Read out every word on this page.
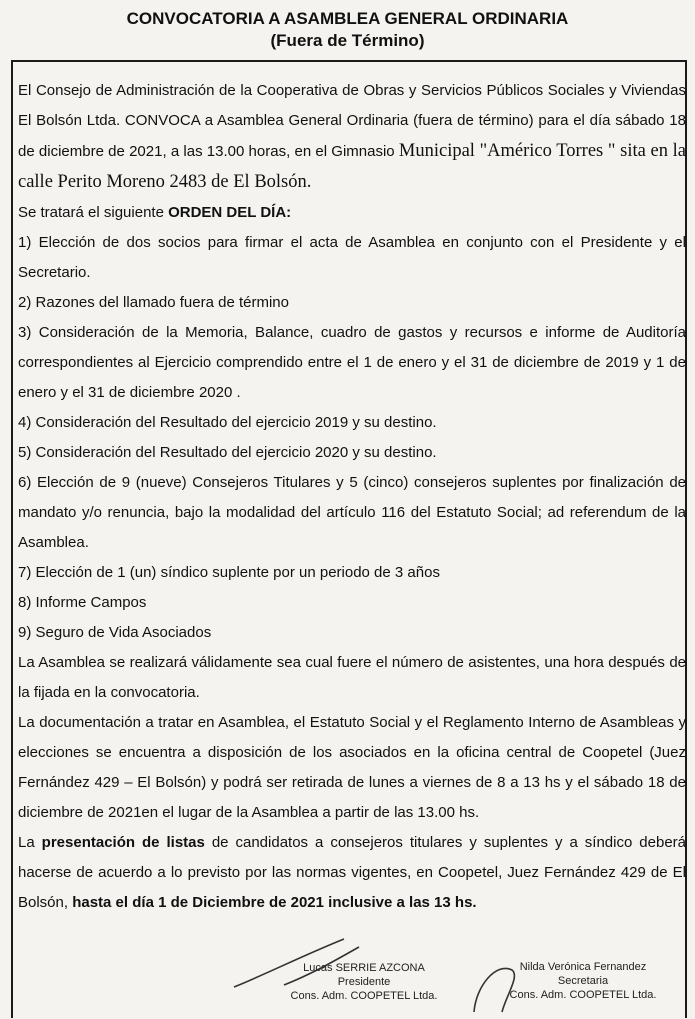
CONVOCATORIA A ASAMBLEA GENERAL ORDINARIA
(Fuera de Término)

El Consejo de Administración de la Cooperativa de Obras y Servicios Públicos Sociales y Viviendas El Bolsón Ltda. CONVOCA a Asamblea General Ordinaria (fuera de término) para el día sábado 18 de diciembre de 2021, a las 13.00 horas, en el Gimnasio Municipal "Américo Torres " sita en la calle Perito Moreno 2483 de El Bolsón.

Se tratará el siguiente ORDEN DEL DÍA:

1) Elección de dos socios para firmar el acta de Asamblea en conjunto con el Presidente y el Secretario.

2) Razones del llamado fuera de término

3) Consideración de la Memoria, Balance, cuadro de gastos y recursos e informe de Auditoría correspondientes al Ejercicio comprendido entre el 1 de enero y el 31 de diciembre de 2019 y 1 de enero y el 31 de diciembre 2020 .

4) Consideración del Resultado del ejercicio 2019 y su destino.

5) Consideración del Resultado del ejercicio 2020 y su destino.

6) Elección de 9 (nueve) Consejeros Titulares y 5 (cinco) consejeros suplentes por finalización de mandato y/o renuncia, bajo la modalidad del artículo 116 del Estatuto Social; ad referendum de la Asamblea.

7) Elección de 1 (un) síndico suplente por un periodo de 3 años

8) Informe Campos

9) Seguro de Vida Asociados

La Asamblea se realizará válidamente sea cual fuere el número de asistentes, una hora después de la fijada en la convocatoria.

La documentación a tratar en Asamblea, el Estatuto Social y el Reglamento Interno de Asambleas y elecciones se encuentra a disposición de los asociados en la oficina central de Coopetel (Juez Fernández 429 – El Bolsón) y podrá ser retirada de lunes a viernes de 8 a 13 hs y el sábado 18 de diciembre de 2021en el lugar de la Asamblea a partir de las 13.00 hs.

La presentación de listas de candidatos a consejeros titulares y suplentes y a síndico deberá hacerse de acuerdo a lo previsto por las normas vigentes, en Coopetel, Juez Fernández 429 de El Bolsón, hasta el día 1 de Diciembre de 2021 inclusive a las 13 hs.

Lucas SERRIE AZCONA
Presidente
Cons. Adm. COOPETEL Ltda.
Nilda Verónica Fernandez
Secretaria
Cons. Adm. COOPETEL Ltda.
